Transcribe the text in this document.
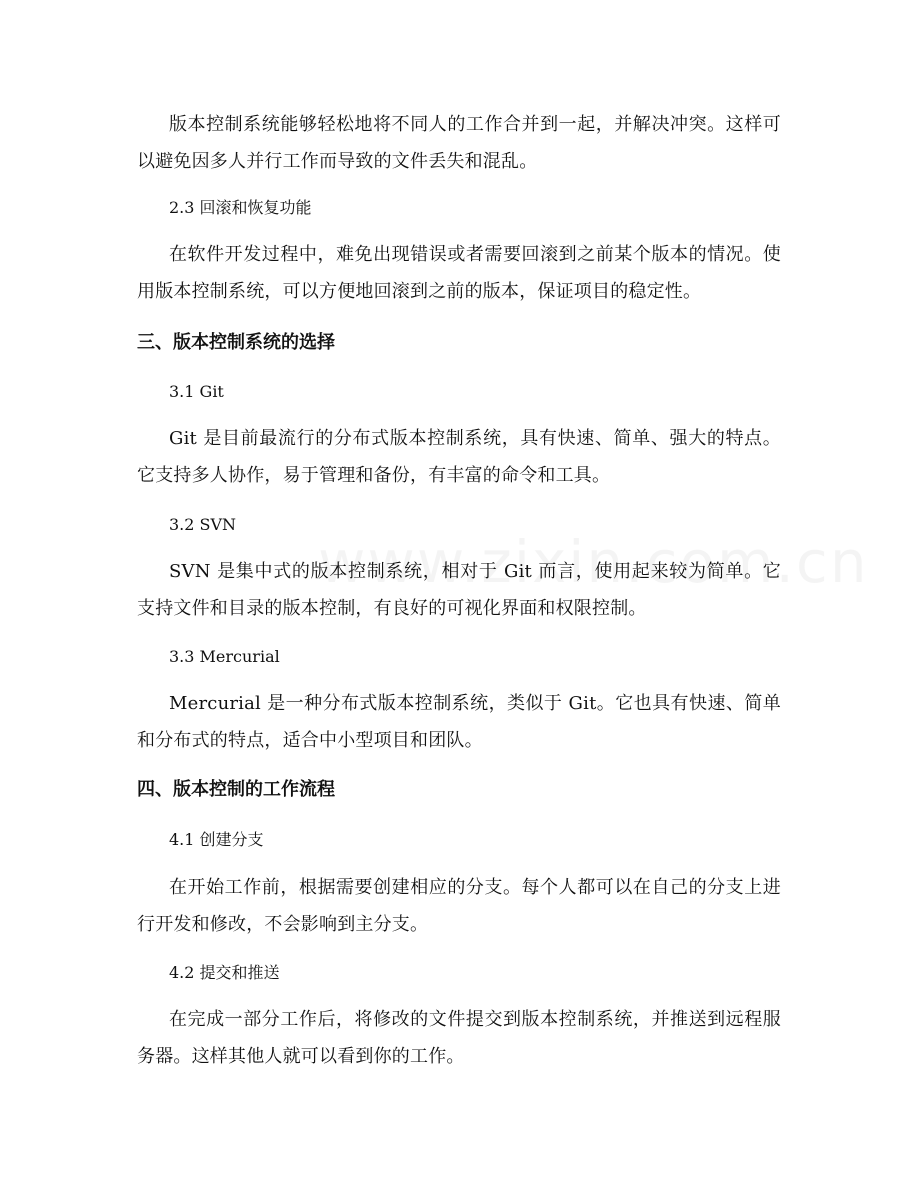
版本控制系统能够轻松地将不同人的工作合并到一起，并解决冲突。这样可以避免因多人并行工作而导致的文件丢失和混乱。

2.3 回滚和恢复功能

在软件开发过程中，难免出现错误或者需要回滚到之前某个版本的情况。使用版本控制系统，可以方便地回滚到之前的版本，保证项目的稳定性。

三、版本控制系统的选择

3.1 Git

Git 是目前最流行的分布式版本控制系统，具有快速、简单、强大的特点。它支持多人协作，易于管理和备份，有丰富的命令和工具。

3.2 SVN

SVN 是集中式的版本控制系统，相对于 Git 而言，使用起来较为简单。它支持文件和目录的版本控制，有良好的可视化界面和权限控制。

3.3 Mercurial

Mercurial 是一种分布式版本控制系统，类似于 Git。它也具有快速、简单和分布式的特点，适合中小型项目和团队。

四、版本控制的工作流程

4.1 创建分支

在开始工作前，根据需要创建相应的分支。每个人都可以在自己的分支上进行开发和修改，不会影响到主分支。

4.2 提交和推送

在完成一部分工作后，将修改的文件提交到版本控制系统，并推送到远程服务器。这样其他人就可以看到你的工作。
